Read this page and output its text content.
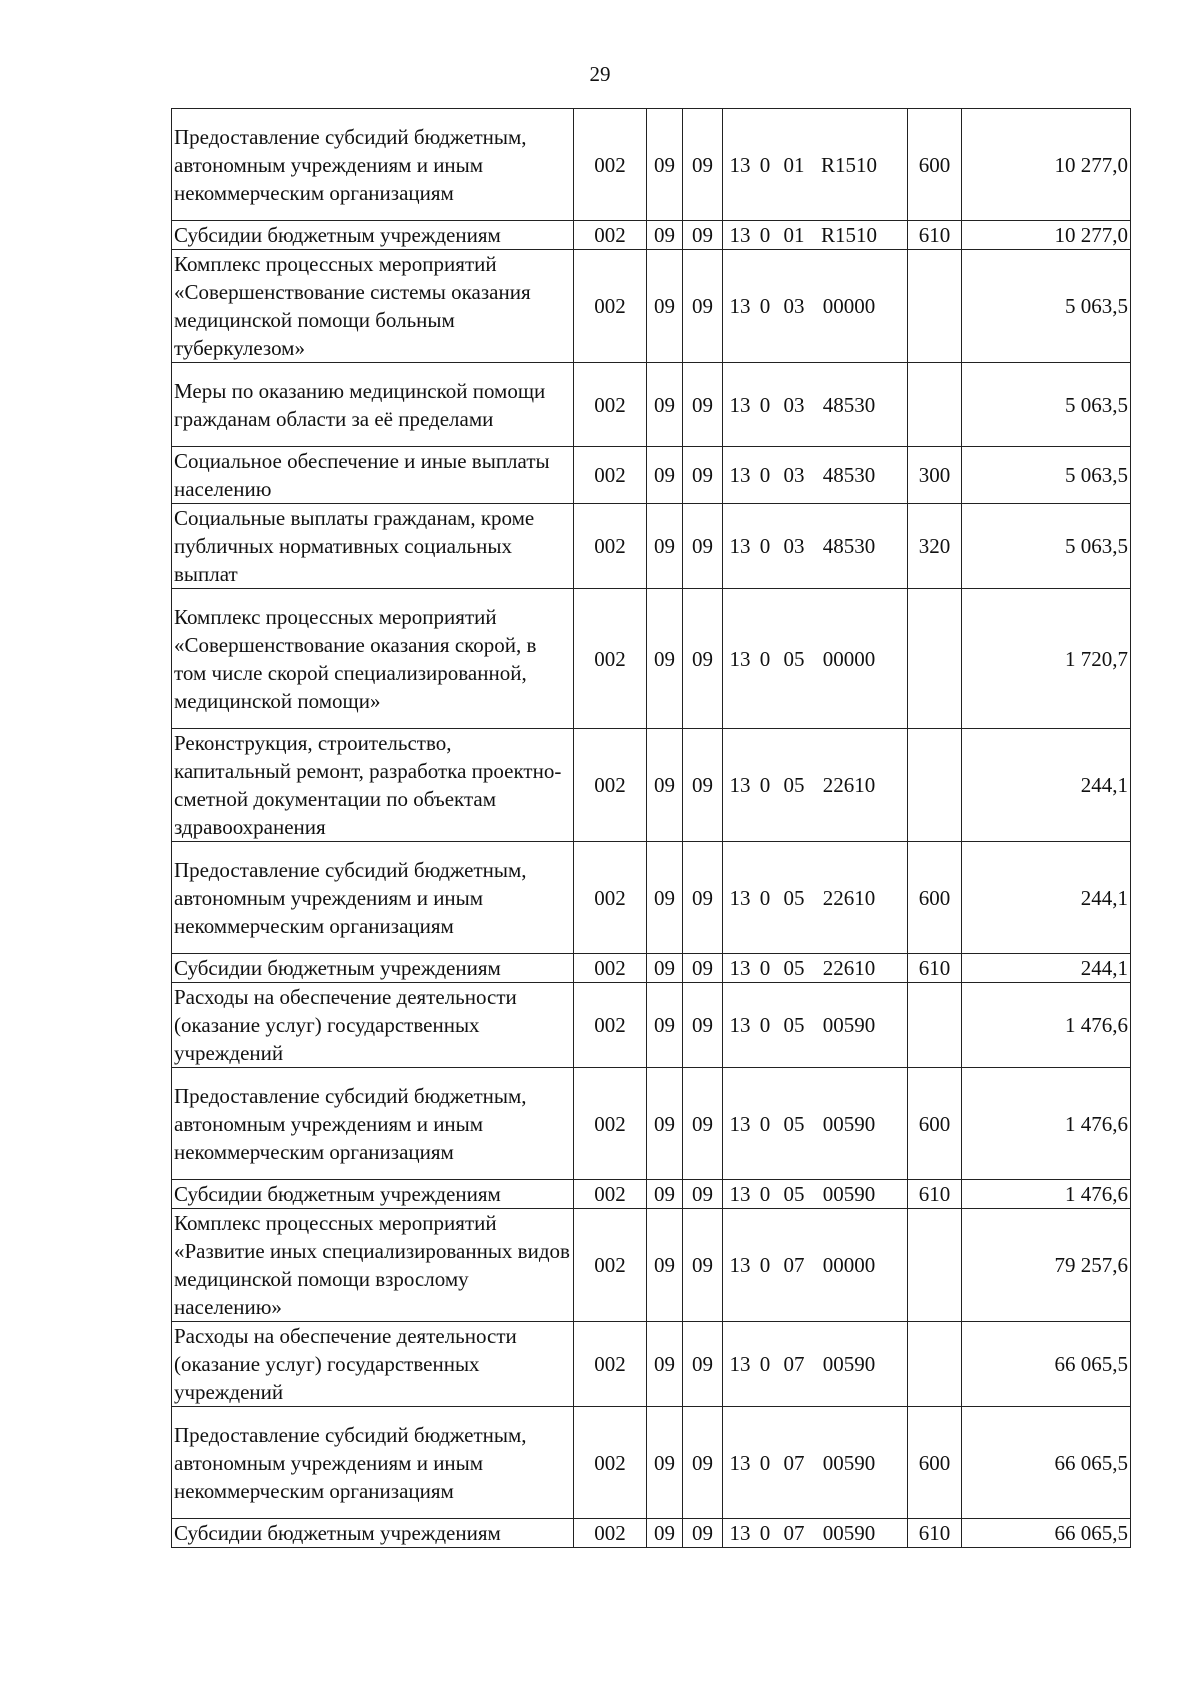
29
Предоставление субсидий бюджетным, автономным учреждениям и иным некоммерческим организациям	002	09	09	13 0 01 R1510	600	10 277,0
Субсидии бюджетным учреждениям	002	09	09	13 0 01 R1510	610	10 277,0
Комплекс процессных мероприятий «Совершенствование системы оказания медицинской помощи больным туберкулезом»	002	09	09	13 0 03 00000		5 063,5
Меры по оказанию медицинской помощи гражданам области за её пределами	002	09	09	13 0 03 48530		5 063,5
Социальное обеспечение и иные выплаты населению	002	09	09	13 0 03 48530	300	5 063,5
Социальные выплаты гражданам, кроме публичных нормативных социальных выплат	002	09	09	13 0 03 48530	320	5 063,5
Комплекс процессных мероприятий «Совершенствование оказания скорой, в том числе скорой специализированной, медицинской помощи»	002	09	09	13 0 05 00000		1 720,7
Реконструкция, строительство, капитальный ремонт, разработка проектно-сметной документации по объектам здравоохранения	002	09	09	13 0 05 22610		244,1
Предоставление субсидий бюджетным, автономным учреждениям и иным некоммерческим организациям	002	09	09	13 0 05 22610	600	244,1
Субсидии бюджетным учреждениям	002	09	09	13 0 05 22610	610	244,1
Расходы на обеспечение деятельности (оказание услуг) государственных учреждений	002	09	09	13 0 05 00590		1 476,6
Предоставление субсидий бюджетным, автономным учреждениям и иным некоммерческим организациям	002	09	09	13 0 05 00590	600	1 476,6
Субсидии бюджетным учреждениям	002	09	09	13 0 05 00590	610	1 476,6
Комплекс процессных мероприятий «Развитие иных специализированных видов медицинской помощи взрослому населению»	002	09	09	13 0 07 00000		79 257,6
Расходы на обеспечение деятельности (оказание услуг) государственных учреждений	002	09	09	13 0 07 00590		66 065,5
Предоставление субсидий бюджетным, автономным учреждениям и иным некоммерческим организациям	002	09	09	13 0 07 00590	600	66 065,5
Субсидии бюджетным учреждениям	002	09	09	13 0 07 00590	610	66 065,5
